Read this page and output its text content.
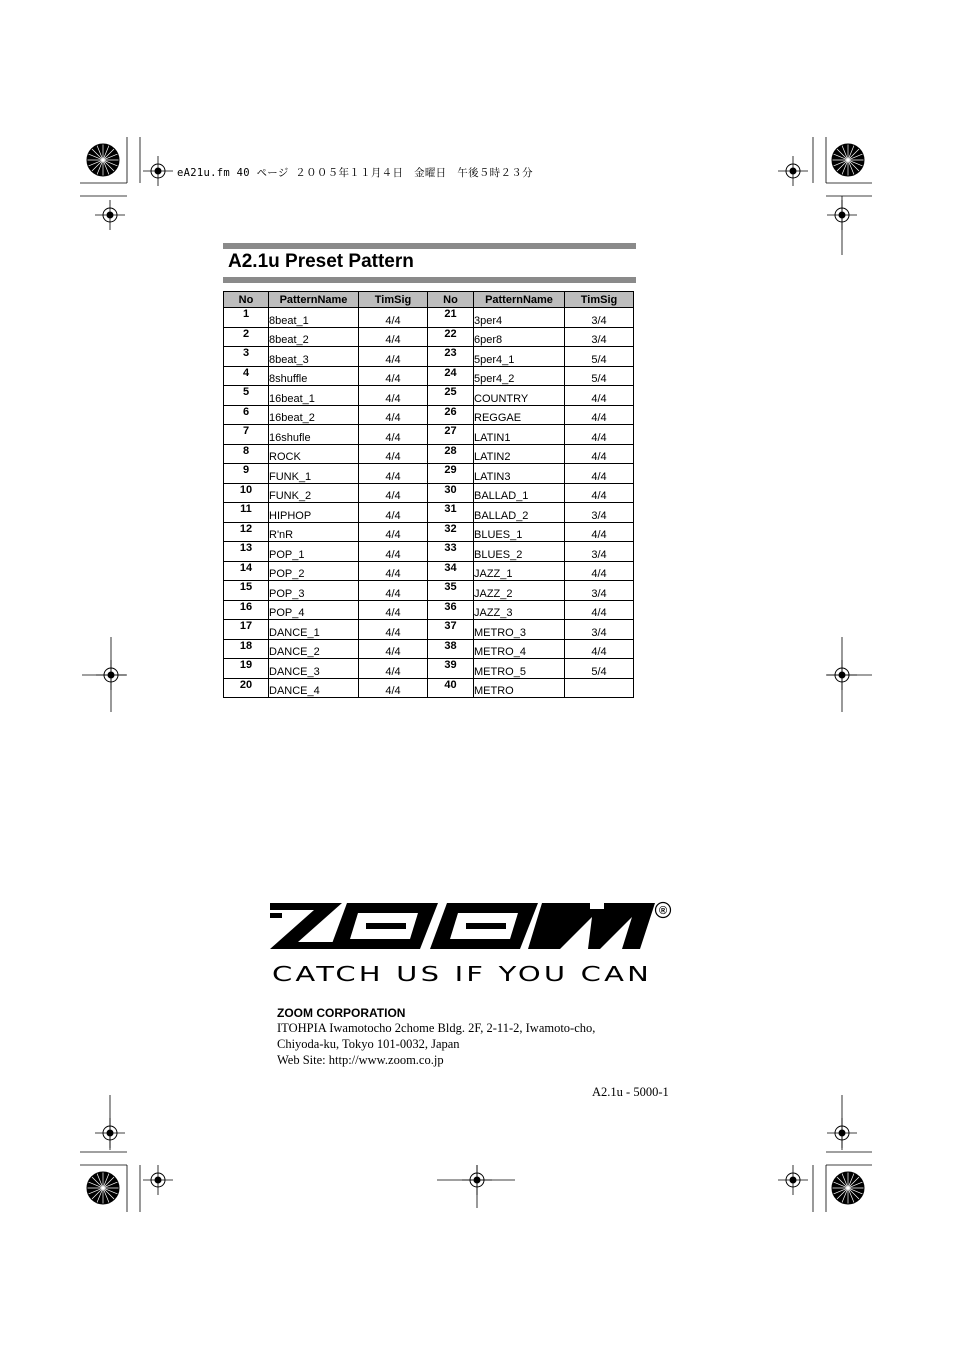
eA21u.fm 40 ページ ２００５年１１月４日　金曜日　午後５時２３分
A2.1u Preset Pattern
No	PatternName	TimSig	No	PatternName	TimSig
1	8beat_1	4/4	21	3per4	3/4
2	8beat_2	4/4	22	6per8	3/4
3	8beat_3	4/4	23	5per4_1	5/4
4	8shuffle	4/4	24	5per4_2	5/4
5	16beat_1	4/4	25	COUNTRY	4/4
6	16beat_2	4/4	26	REGGAE	4/4
7	16shufle	4/4	27	LATIN1	4/4
8	ROCK	4/4	28	LATIN2	4/4
9	FUNK_1	4/4	29	LATIN3	4/4
10	FUNK_2	4/4	30	BALLAD_1	4/4
11	HIPHOP	4/4	31	BALLAD_2	3/4
12	R'nR	4/4	32	BLUES_1	4/4
13	POP_1	4/4	33	BLUES_2	3/4
14	POP_2	4/4	34	JAZZ_1	4/4
15	POP_3	4/4	35	JAZZ_2	3/4
16	POP_4	4/4	36	JAZZ_3	4/4
17	DANCE_1	4/4	37	METRO_3	3/4
18	DANCE_2	4/4	38	METRO_4	4/4
19	DANCE_3	4/4	39	METRO_5	5/4
20	DANCE_4	4/4	40	METRO	
®
CATCH US IF YOU CAN
ZOOM CORPORATION
ITOHPIA Iwamotocho 2chome Bldg. 2F, 2-11-2, Iwamoto-cho,
Chiyoda-ku, Tokyo 101-0032, Japan
Web Site: http://www.zoom.co.jp
A2.1u - 5000-1
